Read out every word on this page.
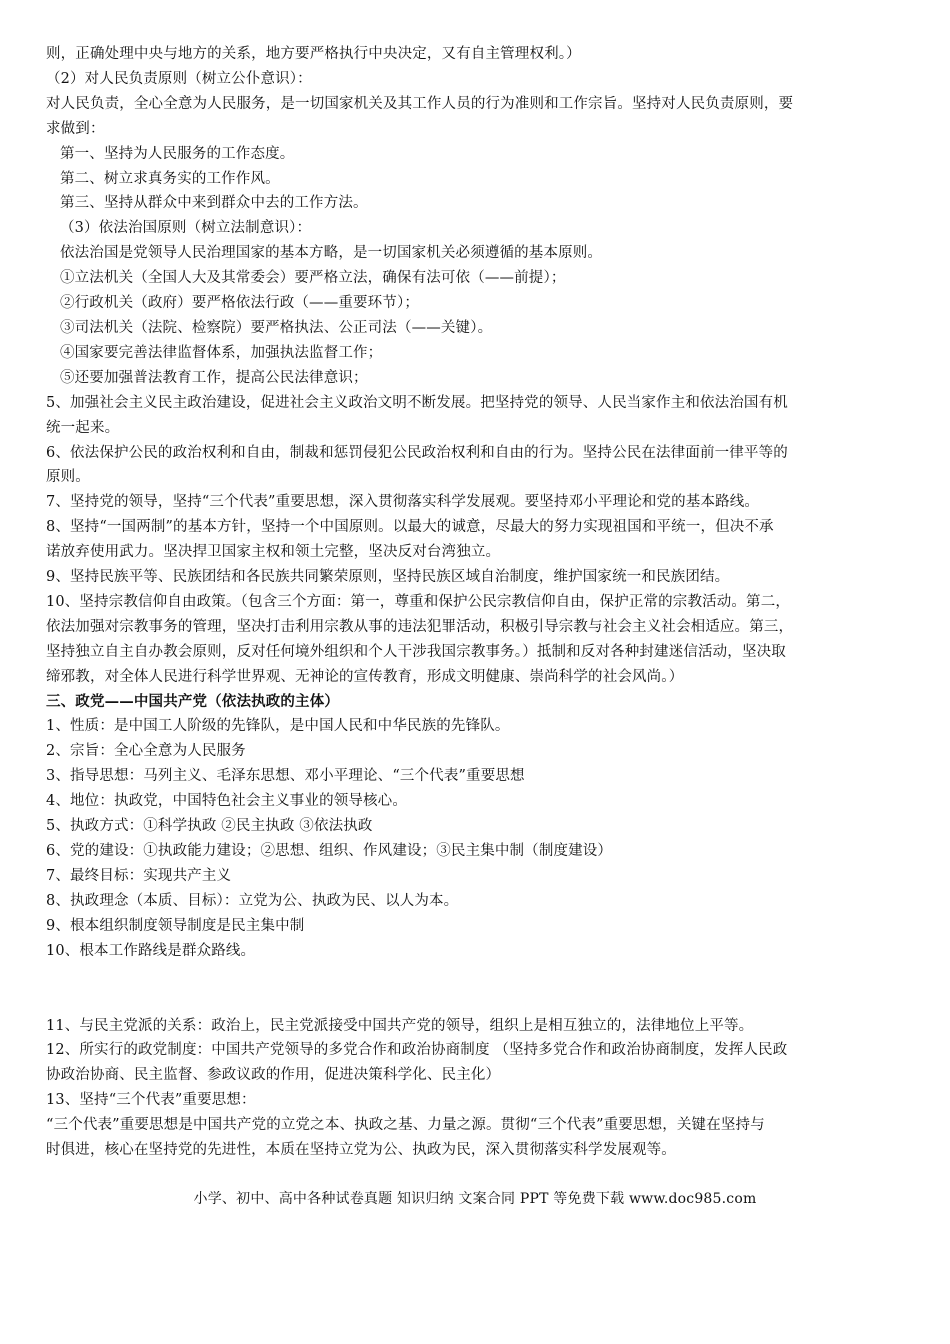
则，正确处理中央与地方的关系，地方要严格执行中央决定，又有自主管理权利。）
（2）对人民负责原则（树立公仆意识）：
对人民负责，全心全意为人民服务，是一切国家机关及其工作人员的行为准则和工作宗旨。坚持对人民负责原则，要
求做到：
第一、坚持为人民服务的工作态度。
第二、树立求真务实的工作作风。
第三、坚持从群众中来到群众中去的工作方法。
（3）依法治国原则（树立法制意识）：
依法治国是党领导人民治理国家的基本方略，是一切国家机关必须遵循的基本原则。
①立法机关（全国人大及其常委会）要严格立法，确保有法可依（——前提）；
②行政机关（政府）要严格依法行政（——重要环节）；
③司法机关（法院、检察院）要严格执法、公正司法（——关键）。
④国家要完善法律监督体系，加强执法监督工作；
⑤还要加强普法教育工作，提高公民法律意识；
5、加强社会主义民主政治建设，促进社会主义政治文明不断发展。把坚持党的领导、人民当家作主和依法治国有机
统一起来。
6、依法保护公民的政治权利和自由，制裁和惩罚侵犯公民政治权利和自由的行为。坚持公民在法律面前一律平等的
原则。
7、坚持党的领导，坚持“三个代表”重要思想，深入贯彻落实科学发展观。要坚持邓小平理论和党的基本路线。
8、坚持“一国两制”的基本方针，坚持一个中国原则。以最大的诚意，尽最大的努力实现祖国和平统一，但决不承
诺放弃使用武力。坚决捍卫国家主权和领土完整，坚决反对台湾独立。
9、坚持民族平等、民族团结和各民族共同繁荣原则，坚持民族区域自治制度，维护国家统一和民族团结。
10、坚持宗教信仰自由政策。（包含三个方面：第一，尊重和保护公民宗教信仰自由，保护正常的宗教活动。第二，
依法加强对宗教事务的管理，坚决打击利用宗教从事的违法犯罪活动，积极引导宗教与社会主义社会相适应。第三，
坚持独立自主自办教会原则，反对任何境外组织和个人干涉我国宗教事务。）抵制和反对各种封建迷信活动，坚决取
缔邪教，对全体人民进行科学世界观、无神论的宣传教育，形成文明健康、崇尚科学的社会风尚。）
三、政党——中国共产党（依法执政的主体）
1、性质：是中国工人阶级的先锋队，是中国人民和中华民族的先锋队。
2、宗旨：全心全意为人民服务
3、指导思想：马列主义、毛泽东思想、邓小平理论、“三个代表”重要思想
4、地位：执政党，中国特色社会主义事业的领导核心。
5、执政方式：①科学执政 ②民主执政 ③依法执政
6、党的建设：①执政能力建设；②思想、组织、作风建设；③民主集中制（制度建设）
7、最终目标：实现共产主义
8、执政理念（本质、目标）：立党为公、执政为民、以人为本。
9、根本组织制度领导制度是民主集中制
10、根本工作路线是群众路线。
11、与民主党派的关系：政治上，民主党派接受中国共产党的领导，组织上是相互独立的，法律地位上平等。
12、所实行的政党制度：中国共产党领导的多党合作和政治协商制度 （坚持多党合作和政治协商制度，发挥人民政
协政治协商、民主监督、参政议政的作用，促进决策科学化、民主化）
13、坚持“三个代表”重要思想：
“三个代表”重要思想是中国共产党的立党之本、执政之基、力量之源。贯彻“三个代表”重要思想，关键在坚持与
时俱进，核心在坚持党的先进性，本质在坚持立党为公、执政为民，深入贯彻落实科学发展观等。
小学、初中、高中各种试卷真题 知识归纳 文案合同 PPT 等免费下载 www.doc985.com
